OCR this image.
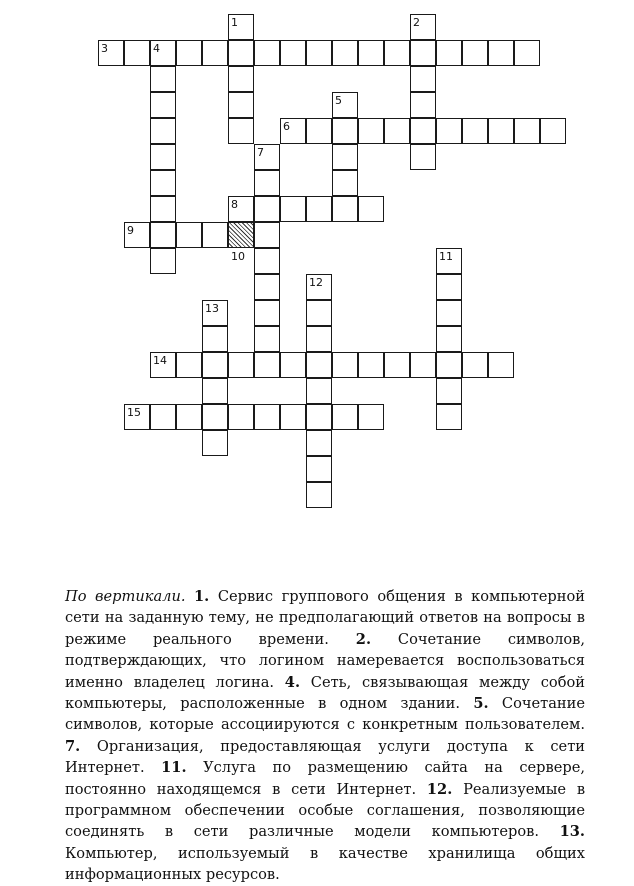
1	2
3	4
5
6
7
8
9
10	11
12
13
14
15
По вертикали. 1. Сервис группового общения в компьютерной сети на заданную тему, не предполагающий ответов на вопросы в режиме реального времени. 2. Сочетание символов, подтверждающих, что логином намеревается воспользоваться именно владелец логина. 4. Сеть, связывающая между собой компьютеры, расположенные в одном здании. 5. Сочетание символов, которые ассоциируются с конкретным пользователем. 7. Организация, предоставляющая услуги доступа к сети Интернет. 11. Услуга по размещению сайта на сервере, постоянно находящемся в сети Интернет. 12. Реализуемые в программном обеспечении особые соглашения, позволяющие соединять в сети различные модели компьютеров. 13. Компьютер, используемый в качестве хранилища общих информационных ресурсов.
